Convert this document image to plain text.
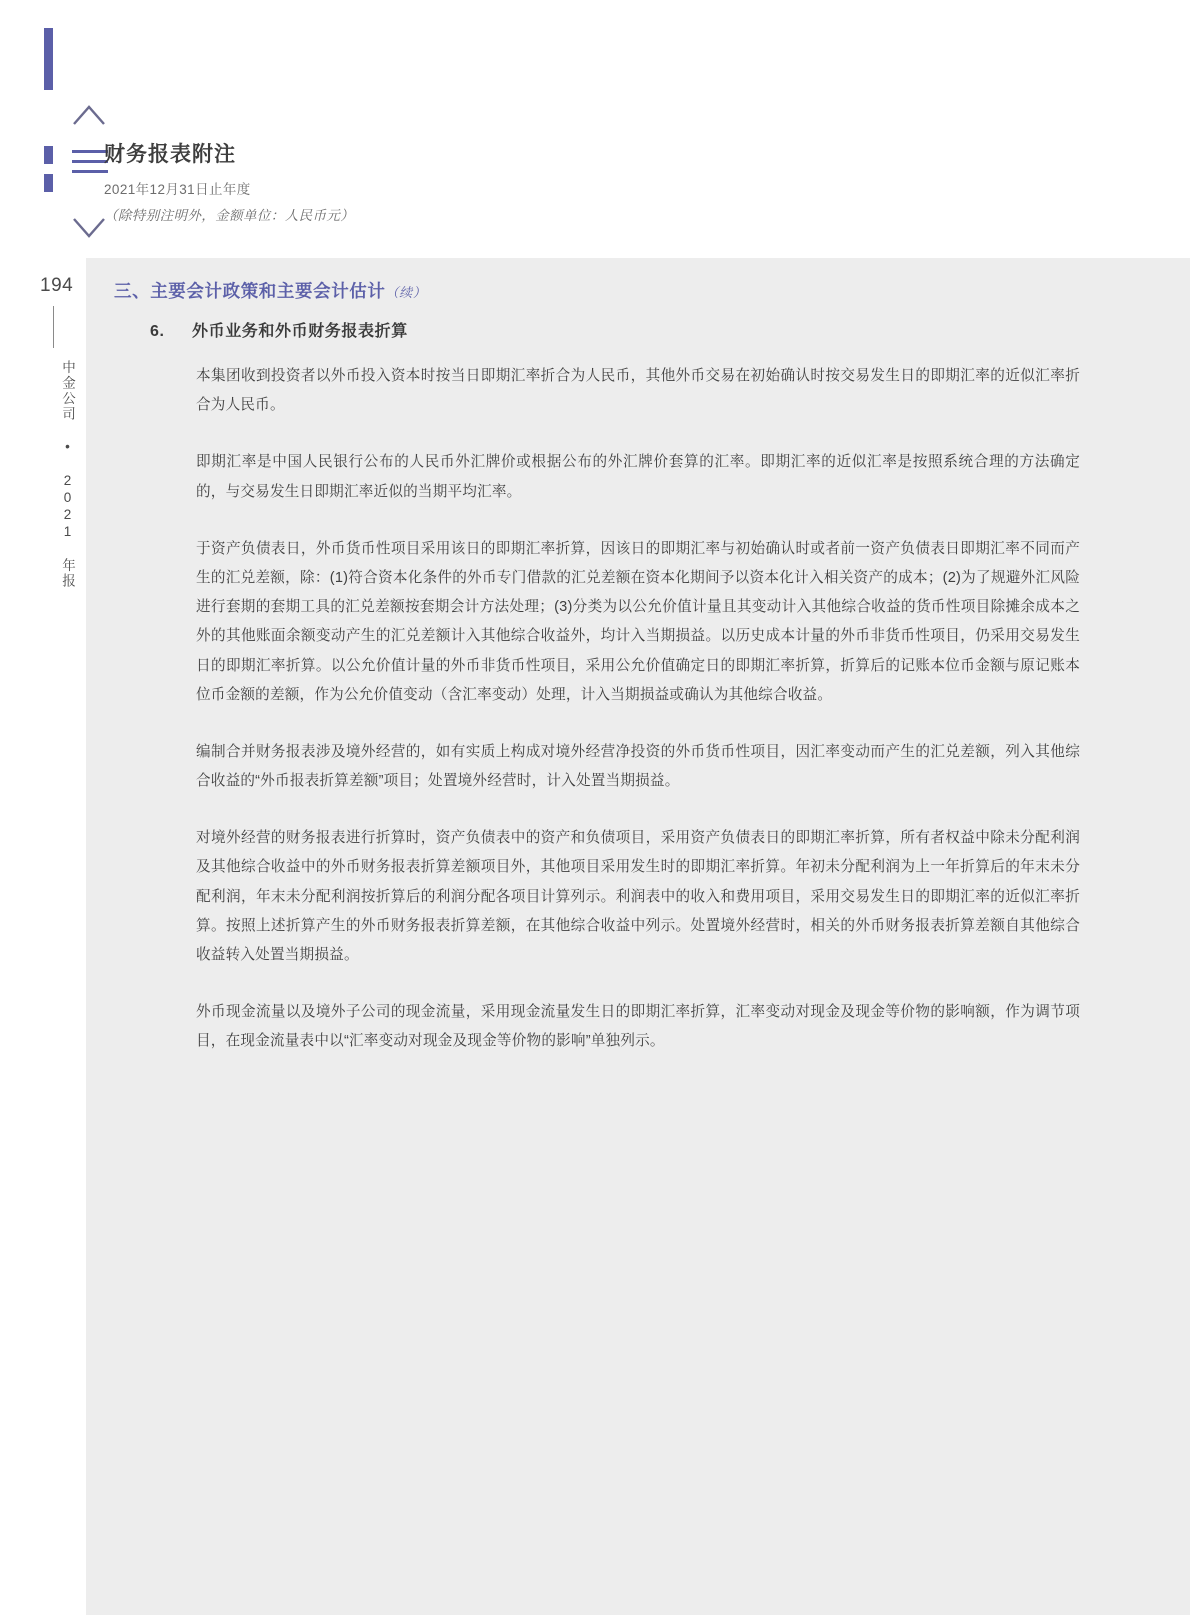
194
中金公司 • 2021 年报
财务报表附注
2021年12月31日止年度
（除特别注明外，金额单位：人民币元）
三、主要会计政策和主要会计估计（续）
6. 外币业务和外币财务报表折算

本集团收到投资者以外币投入资本时按当日即期汇率折合为人民币，其他外币交易在初始确认时按交易发生日的即期汇率的近似汇率折合为人民币。

即期汇率是中国人民银行公布的人民币外汇牌价或根据公布的外汇牌价套算的汇率。即期汇率的近似汇率是按照系统合理的方法确定的，与交易发生日即期汇率近似的当期平均汇率。

于资产负债表日，外币货币性项目采用该日的即期汇率折算，因该日的即期汇率与初始确认时或者前一资产负债表日即期汇率不同而产生的汇兑差额，除：(1)符合资本化条件的外币专门借款的汇兑差额在资本化期间予以资本化计入相关资产的成本；(2)为了规避外汇风险进行套期的套期工具的汇兑差额按套期会计方法处理；(3)分类为以公允价值计量且其变动计入其他综合收益的货币性项目除摊余成本之外的其他账面余额变动产生的汇兑差额计入其他综合收益外，均计入当期损益。以历史成本计量的外币非货币性项目，仍采用交易发生日的即期汇率折算。以公允价值计量的外币非货币性项目，采用公允价值确定日的即期汇率折算，折算后的记账本位币金额与原记账本位币金额的差额，作为公允价值变动（含汇率变动）处理，计入当期损益或确认为其他综合收益。

编制合并财务报表涉及境外经营的，如有实质上构成对境外经营净投资的外币货币性项目，因汇率变动而产生的汇兑差额，列入其他综合收益的“外币报表折算差额”项目；处置境外经营时，计入处置当期损益。

对境外经营的财务报表进行折算时，资产负债表中的资产和负债项目，采用资产负债表日的即期汇率折算，所有者权益中除未分配利润及其他综合收益中的外币财务报表折算差额项目外，其他项目采用发生时的即期汇率折算。年初未分配利润为上一年折算后的年末未分配利润，年末未分配利润按折算后的利润分配各项目计算列示。利润表中的收入和费用项目，采用交易发生日的即期汇率的近似汇率折算。按照上述折算产生的外币财务报表折算差额，在其他综合收益中列示。处置境外经营时，相关的外币财务报表折算差额自其他综合收益转入处置当期损益。

外币现金流量以及境外子公司的现金流量，采用现金流量发生日的即期汇率折算，汇率变动对现金及现金等价物的影响额，作为调节项目，在现金流量表中以“汇率变动对现金及现金等价物的影响”单独列示。
